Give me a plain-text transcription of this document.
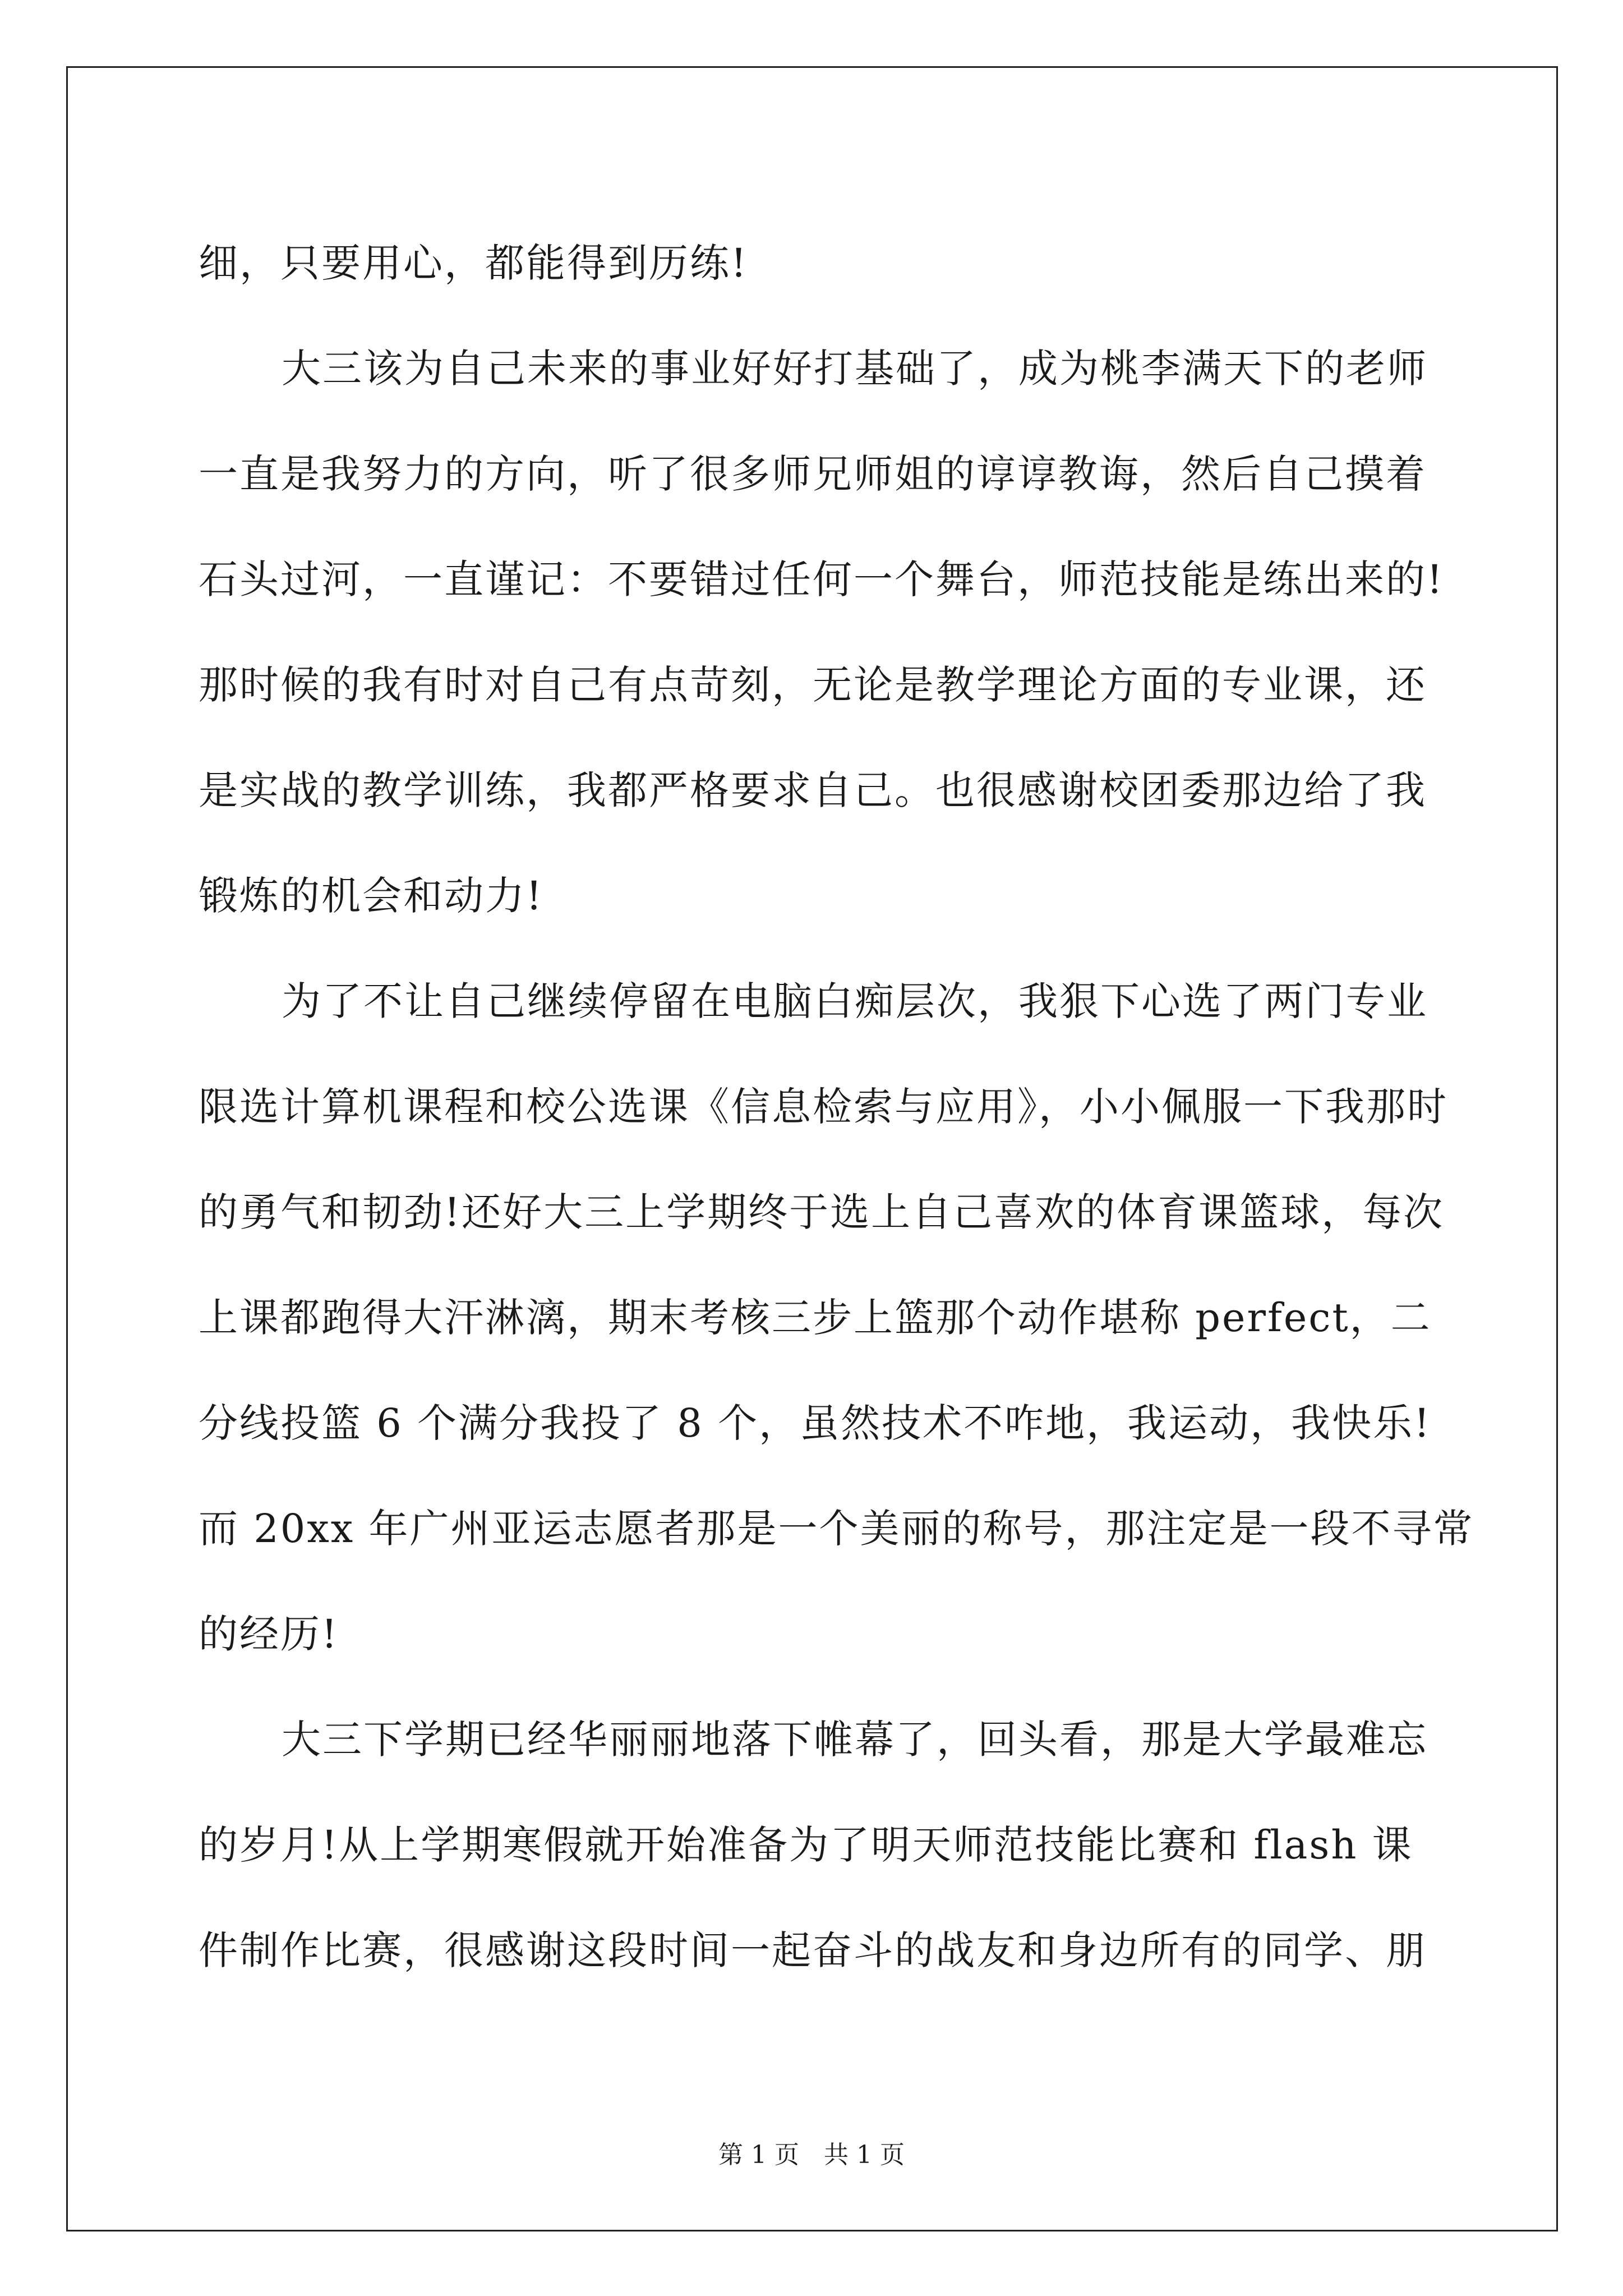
细，只要用心，都能得到历练!
大三该为自己未来的事业好好打基础了，成为桃李满天下的老师
一直是我努力的方向，听了很多师兄师姐的谆谆教诲，然后自己摸着
石头过河，一直谨记：不要错过任何一个舞台，师范技能是练出来的!
那时候的我有时对自己有点苛刻，无论是教学理论方面的专业课，还
是实战的教学训练，我都严格要求自己。也很感谢校团委那边给了我
锻炼的机会和动力!
为了不让自己继续停留在电脑白痴层次，我狠下心选了两门专业
限选计算机课程和校公选课《信息检索与应用》，小小佩服一下我那时
的勇气和韧劲!还好大三上学期终于选上自己喜欢的体育课篮球，每次
上课都跑得大汗淋漓，期末考核三步上篮那个动作堪称 perfect，二
分线投篮 6 个满分我投了 8 个，虽然技术不咋地，我运动，我快乐!
而 20xx 年广州亚运志愿者那是一个美丽的称号，那注定是一段不寻常
的经历!
大三下学期已经华丽丽地落下帷幕了，回头看，那是大学最难忘
的岁月!从上学期寒假就开始准备为了明天师范技能比赛和 flash 课
件制作比赛，很感谢这段时间一起奋斗的战友和身边所有的同学、朋
第 1 页　共 1 页
